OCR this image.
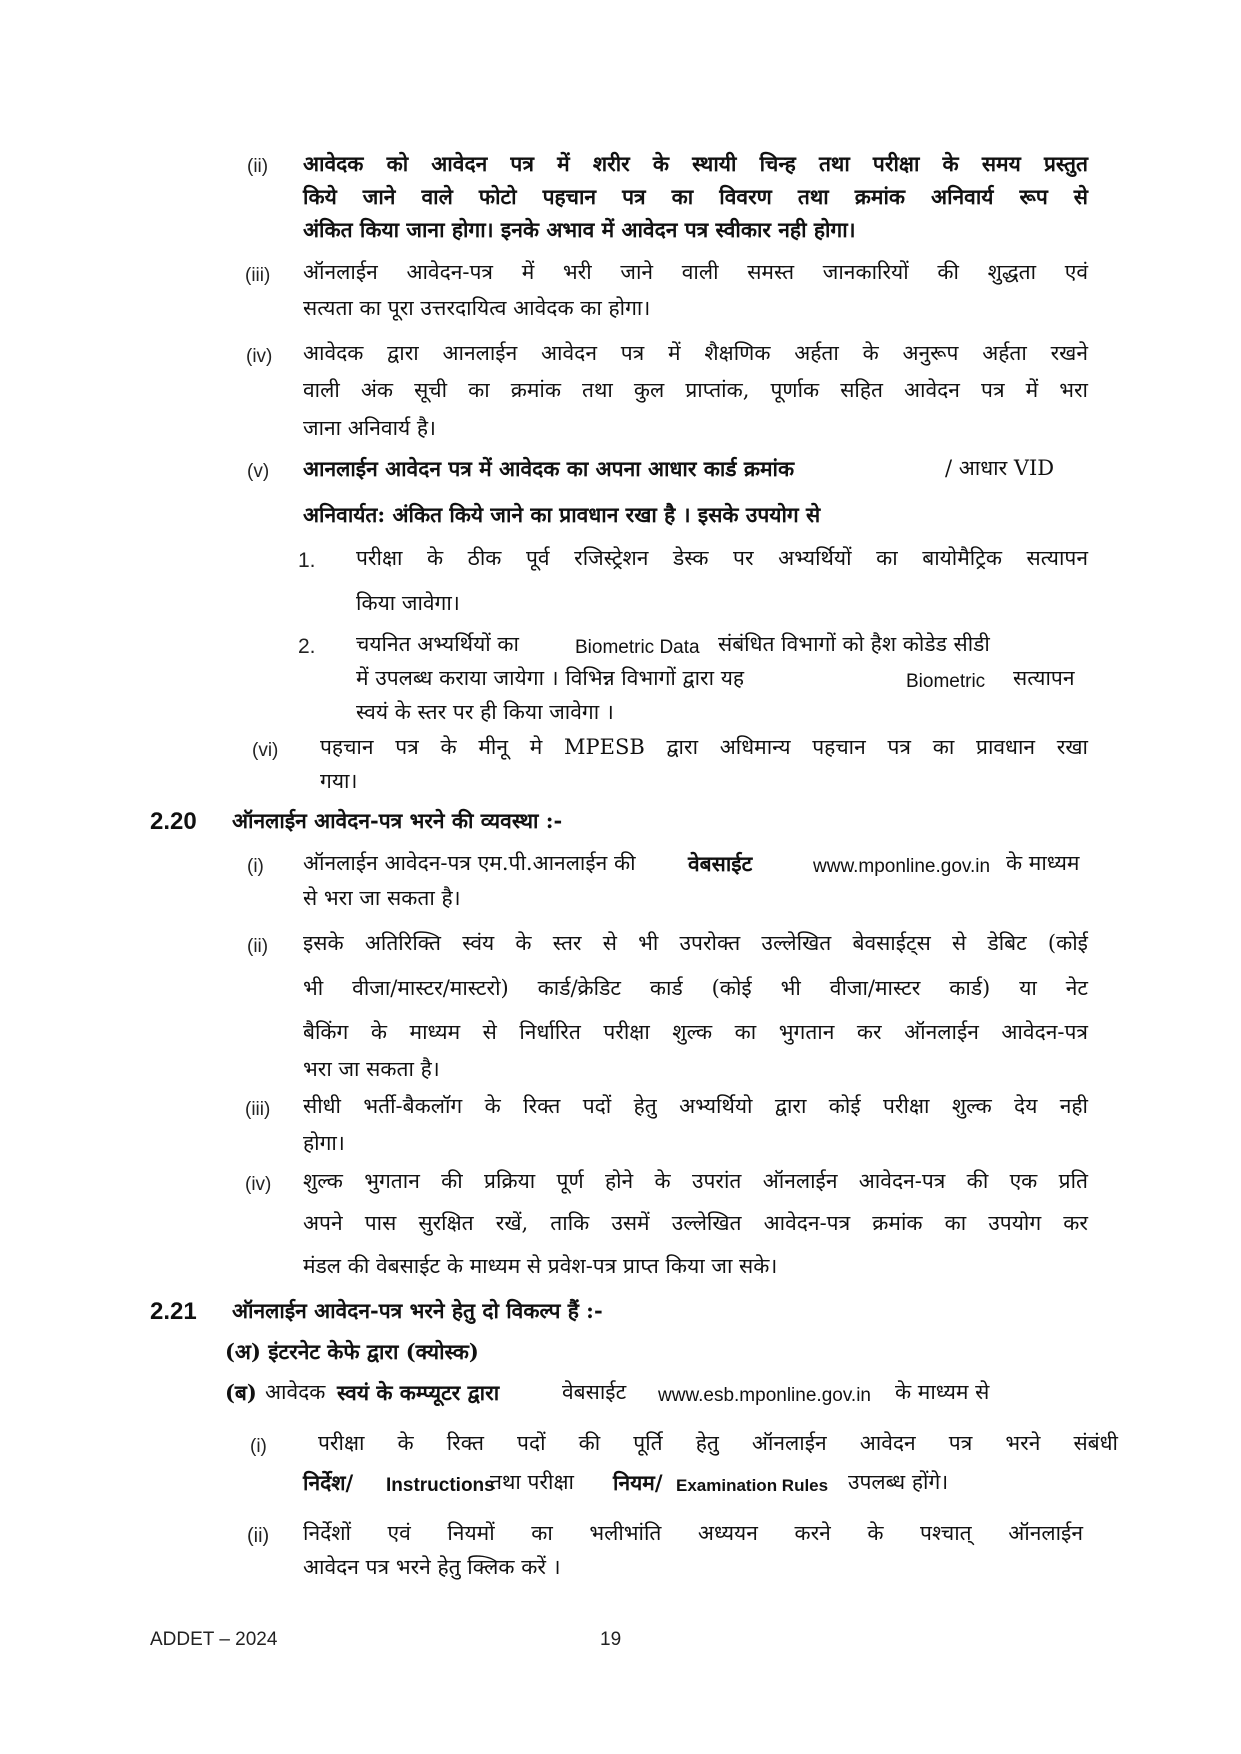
(ii) आवेदक को आवेदन पत्र में शरीर के स्थायी चिन्ह तथा परीक्षा के समय प्रस्तुत
किये जाने वाले फोटो पहचान पत्र का विवरण तथा क्रमांक अनिवार्य रूप से
अंकित किया जाना होगा। इनके अभाव में आवेदन पत्र स्वीकार नही होगा।
(iii) ऑनलाईन आवेदन-पत्र में भरी जाने वाली समस्त जानकारियों की शुद्धता एवं
सत्यता का पूरा उत्तरदायित्व आवेदक का होगा।
(iv) आवेदक द्वारा आनलाईन आवेदन पत्र में शैक्षणिक अर्हता के अनुरूप अर्हता रखने
वाली अंक सूची का क्रमांक तथा कुल प्राप्तांक, पूर्णाक सहित आवेदन पत्र में भरा
जाना अनिवार्य है।
(v) आनलाईन आवेदन पत्र में आवेदक का अपना आधार कार्ड क्रमांक	/ आधार VID
अनिवार्यत: अंकित किये जाने का प्रावधान रखा है । इसके उपयोग से
1. परीक्षा के ठीक पूर्व रजिस्ट्रेशन डेस्क पर अभ्यर्थियों का बायोमैट्रिक सत्यापन
किया जावेगा।
2. चयनित अभ्यर्थियों का	Biometric Data संबंधित विभागों को हैश कोडेड सीडी
में उपलब्ध कराया जायेगा । विभिन्न विभागों द्वारा यह	Biometric सत्यापन
स्वयं के स्तर पर ही किया जावेगा ।
(vi) पहचान पत्र के मीनू मे MPESB द्वारा अधिमान्य पहचान पत्र का प्रावधान रखा
गया।
2.20 ऑनलाईन आवेदन-पत्र भरने की व्यवस्था :-
(i) ऑनलाईन आवेदन-पत्र एम.पी.आनलाईन की वेबसाईट	www.mponline.gov.in के माध्यम
से भरा जा सकता है।
(ii) इसके अतिरिक्ति स्वंय के स्तर से भी उपरोक्त उल्लेखित बेवसाईट्स से डेबिट (कोई
भी वीजा/मास्टर/मास्टरो) कार्ड/क्रेडिट कार्ड (कोई भी वीजा/मास्टर कार्ड) या नेट
बैकिंग के माध्यम से निर्धारित परीक्षा शुल्क का भुगतान कर ऑनलाईन आवेदन-पत्र
भरा जा सकता है।
(iii) सीधी भर्ती-बैकलॉग के रिक्त पदों हेतु अभ्यर्थियो द्वारा कोई परीक्षा शुल्क देय नही
होगा।
(iv) शुल्क भुगतान की प्रक्रिया पूर्ण होने के उपरांत ऑनलाईन आवेदन-पत्र की एक प्रति
अपने पास सुरक्षित रखें, ताकि उसमें उल्लेखित आवेदन-पत्र क्रमांक का उपयोग कर
मंडल की वेबसाईट के माध्यम से प्रवेश-पत्र प्राप्त किया जा सके।
2.21 ऑनलाईन आवेदन-पत्र भरने हेतु दो विकल्प हैं :-
(अ) इंटरनेट केफे द्वारा (क्योस्क)
(ब) आवेदक स्वयं के कम्प्यूटर द्वारा	वेबसाईट www.esb.mponline.gov.in के माध्यम से
(i) परीक्षा के रिक्त पदों की पूर्ति हेतु ऑनलाईन आवेदन पत्र भरने संबंधी
निर्देश/ Instructions
तथा परीक्षा नियम/ Examination Rules उपलब्ध होंगे।
(ii) निर्देशों एवं नियमों का भलीभांति अध्ययन करने के पश्चात् ऑनलाईन
आवेदन पत्र भरने हेतु क्लिक करें ।
ADDET – 2024	19
